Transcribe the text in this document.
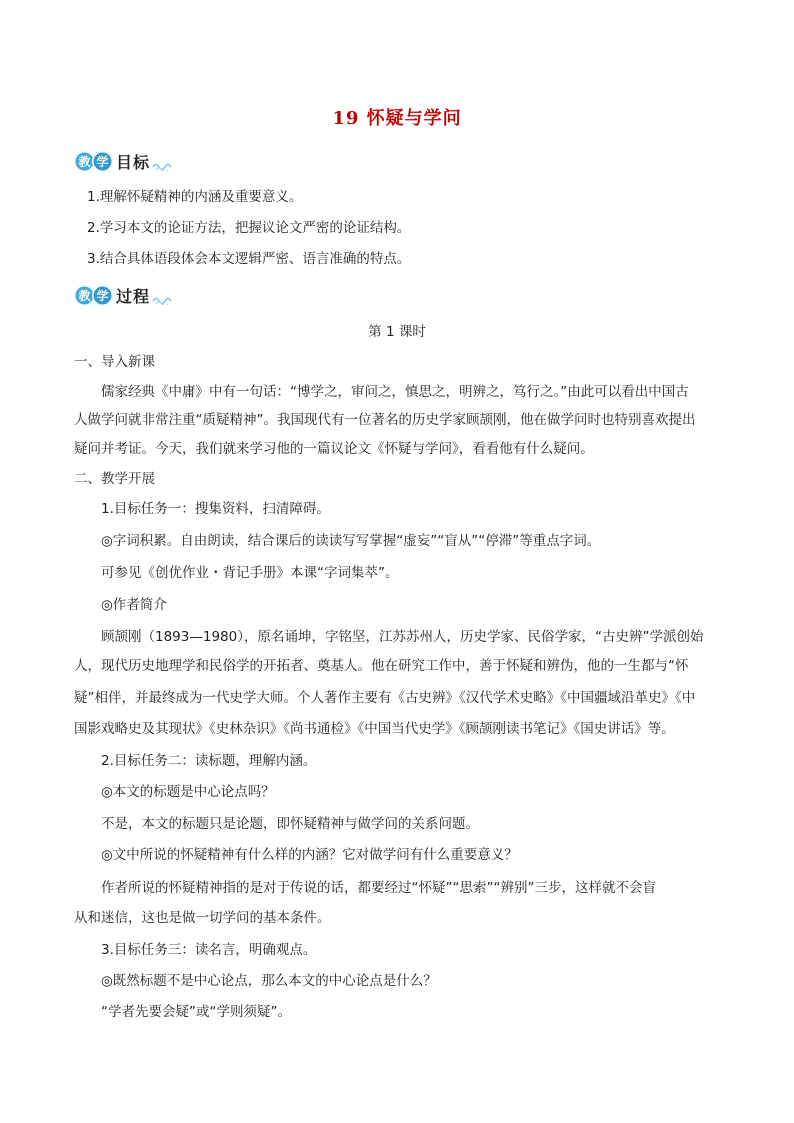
19 怀疑与学问
教 学 目标
1.理解怀疑精神的内涵及重要意义。
2.学习本文的论证方法，把握议论文严密的论证结构。
3.结合具体语段体会本文逻辑严密、语言准确的特点。
教 学 过程
第 1 课时
一、导入新课
儒家经典《中庸》中有一句话：“博学之，审问之，慎思之，明辨之，笃行之。”由此可以看出中国古
人做学问就非常注重“质疑精神”。我国现代有一位著名的历史学家顾颉刚，他在做学问时也特别喜欢提出
疑问并考证。今天，我们就来学习他的一篇议论文《怀疑与学问》，看看他有什么疑问。
二、教学开展
1.目标任务一：搜集资料，扫清障碍。
◎字词积累。自由朗读，结合课后的读读写写掌握“虚妄”“盲从”“停滞”等重点字词。
可参见《创优作业・背记手册》本课“字词集萃”。
◎作者简介
顾颉刚（1893—1980），原名诵坤，字铭坚，江苏苏州人，历史学家、民俗学家，“古史辨”学派创始
人，现代历史地理学和民俗学的开拓者、奠基人。他在研究工作中，善于怀疑和辨伪，他的一生都与“怀
疑”相伴，并最终成为一代史学大师。个人著作主要有《古史辨》《汉代学术史略》《中国疆域沿革史》《中
国影戏略史及其现状》《史林杂识》《尚书通检》《中国当代史学》《顾颉刚读书笔记》《国史讲话》等。
2.目标任务二：读标题，理解内涵。
◎本文的标题是中心论点吗？
不是，本文的标题只是论题，即怀疑精神与做学问的关系问题。
◎文中所说的怀疑精神有什么样的内涵？它对做学问有什么重要意义？
作者所说的怀疑精神指的是对于传说的话，都要经过“怀疑”“思索”“辨别”三步，这样就不会盲
从和迷信，这也是做一切学问的基本条件。
3.目标任务三：读名言，明确观点。
◎既然标题不是中心论点，那么本文的中心论点是什么？
“学者先要会疑”或“学则须疑”。
